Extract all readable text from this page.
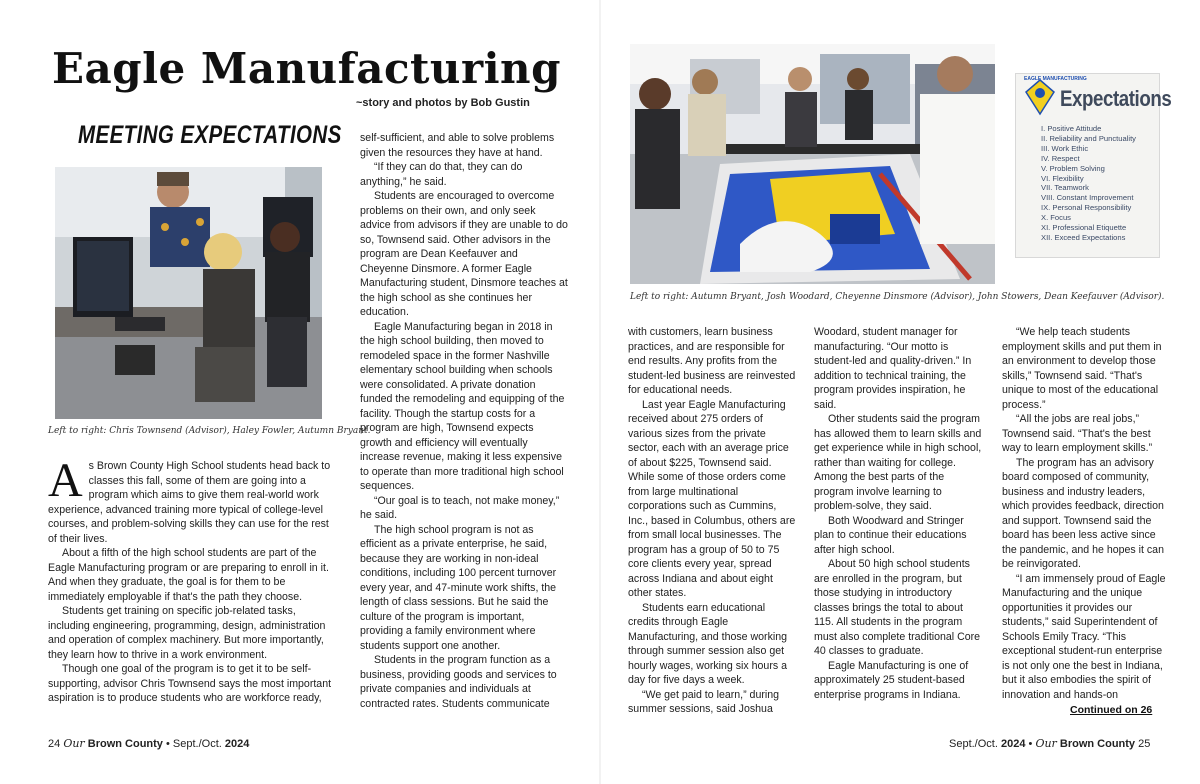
Eagle Manufacturing
~story and photos by Bob Gustin
MEETING EXPECTATIONS
Left to right: Chris Townsend (Advisor), Haley Fowler, Autumn Bryant.
EAGLE MANUFACTURING
Expectations
I. Positive Attitude
II. Reliability and Punctuality
III. Work Ethic
IV. Respect
V. Problem Solving
VI. Flexibility
VII. Teamwork
VIII. Constant Improvement
IX. Personal Responsibility
X. Focus
XI. Professional Etiquette
XII. Exceed Expectations
Left to right: Autumn Bryant, Josh Woodard, Cheyenne Dinsmore (Advisor), John Stowers, Dean Keefauver (Advisor).
A s Brown County High School students head back to classes this fall, some of them are going into a program which aims to give them real-world work experience, advanced training more typical of college-level courses, and problem-solving skills they can use for the rest of their lives.

About a fifth of the high school students are part of the Eagle Manufacturing program or are preparing to enroll in it. And when they graduate, the goal is for them to be immediately employable if that's the path they choose.

Students get training on specific job-related tasks, including engineering, programming, design, administration and operation of complex machinery. But more importantly, they learn how to thrive in a work environment.

Though one goal of the program is to get it to be self-supporting, advisor Chris Townsend says the most important aspiration is to produce students who are workforce ready,

self-sufficient, and able to solve problems given the resources they have at hand.

“If they can do that, they can do anything,” he said.

Students are encouraged to overcome problems on their own, and only seek advice from advisors if they are unable to do so, Townsend said. Other advisors in the program are Dean Keefauver and Cheyenne Dinsmore. A former Eagle Manufacturing student, Dinsmore teaches at the high school as she continues her education.

Eagle Manufacturing began in 2018 in the high school building, then moved to remodeled space in the former Nashville elementary school building when schools were consolidated. A private donation funded the remodeling and equipping of the facility. Though the startup costs for a program are high, Townsend expects growth and efficiency will eventually increase revenue, making it less expensive to operate than more traditional high school sequences.

“Our goal is to teach, not make money,” he said.

The high school program is not as efficient as a private enterprise, he said, because they are working in non-ideal conditions, including 100 percent turnover every year, and 47-minute work shifts, the length of class sessions. But he said the culture of the program is important, providing a family environment where students support one another.

Students in the program function as a business, providing goods and services to private companies and individuals at contracted rates. Students communicate

with customers, learn business practices, and are responsible for end results. Any profits from the student-led business are reinvested for educational needs.

Last year Eagle Manufacturing received about 275 orders of various sizes from the private sector, each with an average price of about $225, Townsend said. While some of those orders come from large multinational corporations such as Cummins, Inc., based in Columbus, others are from small local businesses. The program has a group of 50 to 75 core clients every year, spread across Indiana and about eight other states.

Students earn educational credits through Eagle Manufacturing, and those working through summer session also get hourly wages, working six hours a day for five days a week.

“We get paid to learn,” during summer sessions, said Joshua

Woodard, student manager for manufacturing. “Our motto is student-led and quality-driven.” In addition to technical training, the program provides inspiration, he said.

Other students said the program has allowed them to learn skills and get experience while in high school, rather than waiting for college. Among the best parts of the program involve learning to problem-solve, they said.

Both Woodward and Stringer plan to continue their educations after high school.

About 50 high school students are enrolled in the program, but those studying in introductory classes brings the total to about 115. All students in the program must also complete traditional Core 40 classes to graduate.

Eagle Manufacturing is one of approximately 25 student-based enterprise programs in Indiana.

“We help teach students employment skills and put them in an environment to develop those skills,” Townsend said. “That's unique to most of the educational process.”

“All the jobs are real jobs,” Townsend said. “That's the best way to learn employment skills.”

The program has an advisory board composed of community, business and industry leaders, which provides feedback, direction and support. Townsend said the board has been less active since the pandemic, and he hopes it can be reinvigorated.

“I am immensely proud of Eagle Manufacturing and the unique opportunities it provides our students,” said Superintendent of Schools Emily Tracy. “This exceptional student-run enterprise is not only one the best in Indiana, but it also embodies the spirit of innovation and hands-on

Continued on 26
24 Our Brown County • Sept./Oct. 2024	Sept./Oct. 2024 • Our Brown County 25
